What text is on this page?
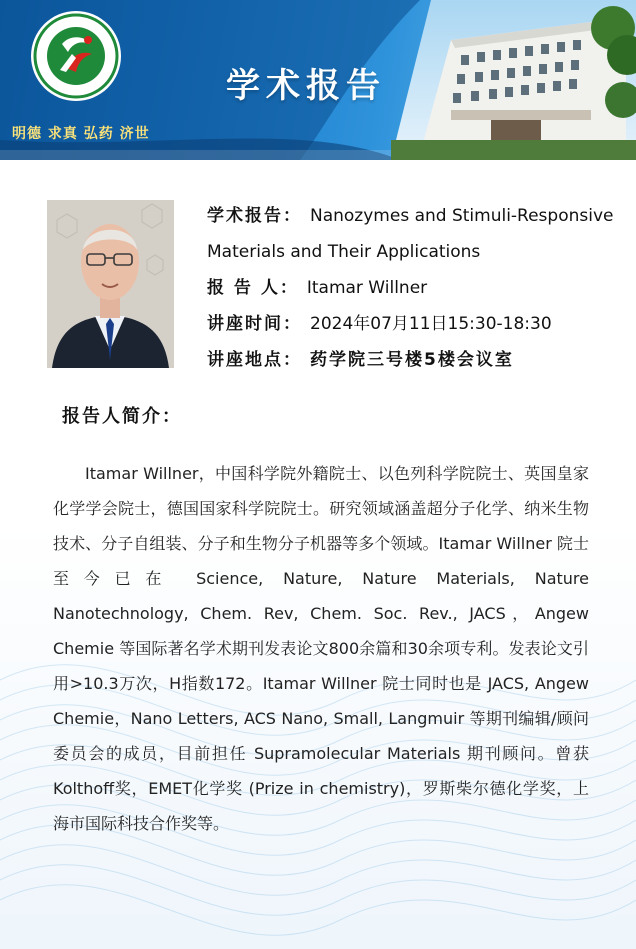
学术报告
明德 求真 弘药 济世
学术报告： Nanozymes and Stimuli-Responsive
Materials and Their Applications
报 告 人： Itamar Willner
讲座时间： 2024年07月11日15:30-18:30
讲座地点： 药学院三号楼5楼会议室
报告人简介：

Itamar Willner，中国科学院外籍院士、以色列科学院院士、英国皇家化学学会院士，德国国家科学院院士。研究领域涵盖超分子化学、纳米生物技术、分子自组装、分子和生物分子机器等多个领域。Itamar Willner 院士至今已在 Science, Nature, Nature Materials, Nature Nanotechnology, Chem. Rev, Chem. Soc. Rev., JACS，Angew Chemie 等国际著名学术期刊发表论文800余篇和30余项专利。发表论文引用>10.3万次，H指数172。Itamar Willner 院士同时也是 JACS, Angew Chemie，Nano Letters, ACS Nano, Small, Langmuir 等期刊编辑/顾问委员会的成员，目前担任 Supramolecular Materials 期刊顾问。曾获 Kolthoff奖，EMET化学奖 (Prize in chemistry)，罗斯柴尔德化学奖，上海市国际科技合作奖等。
